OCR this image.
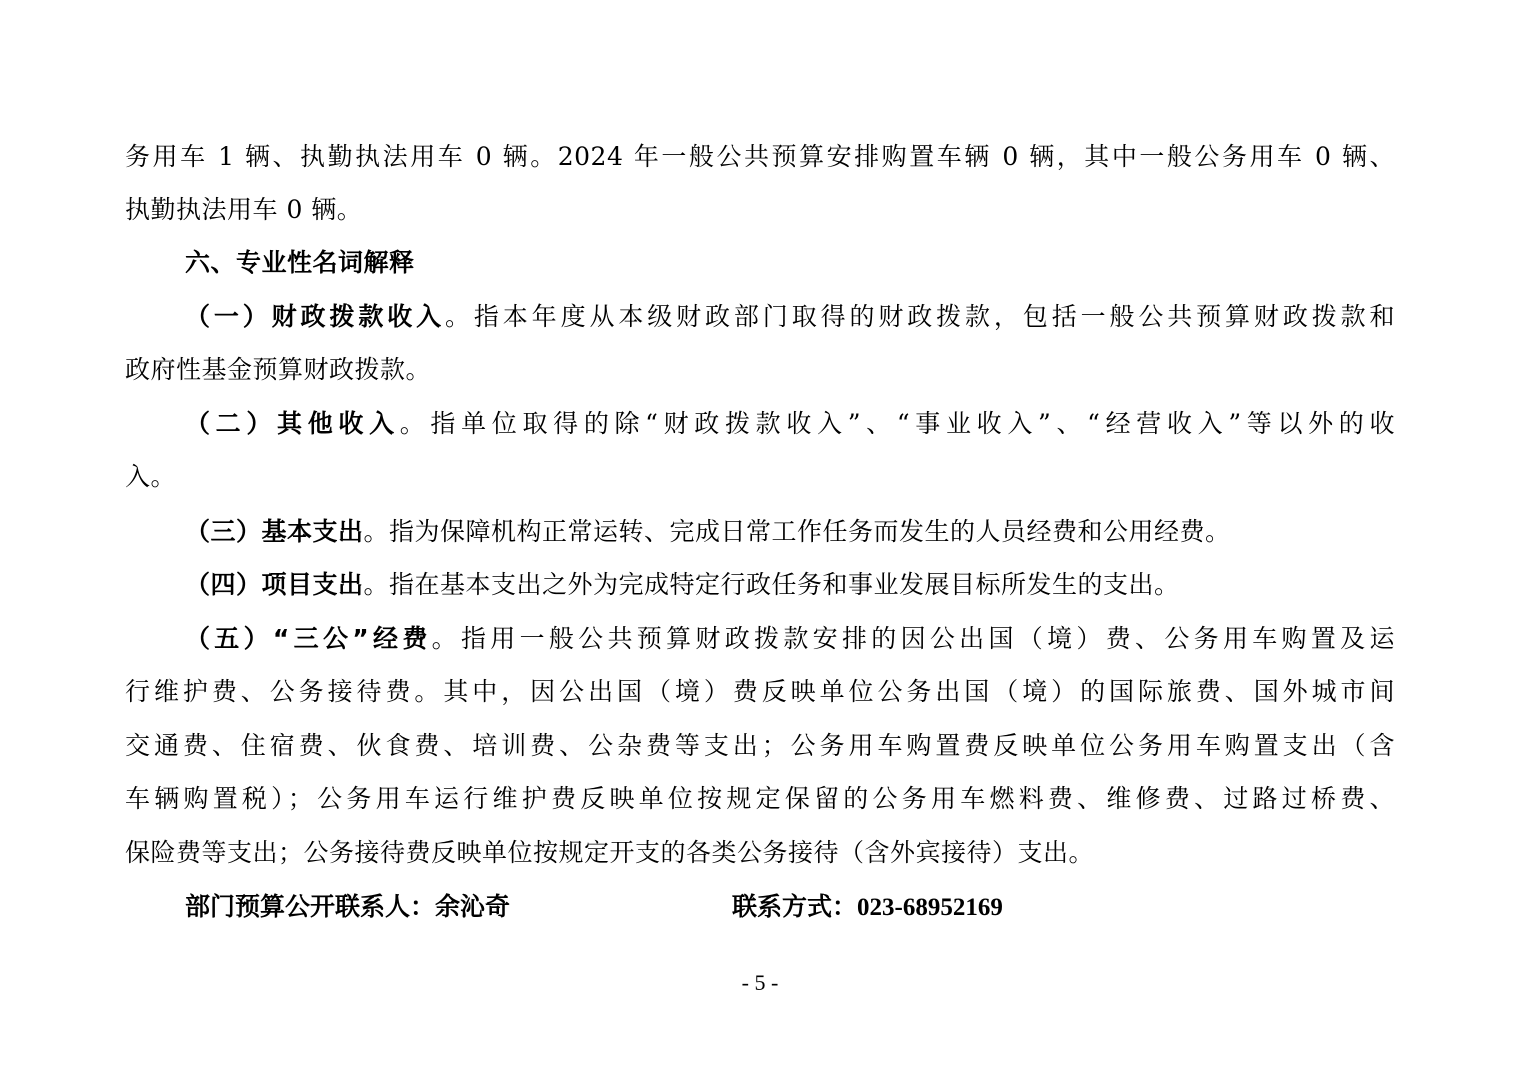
务用车 1 辆、执勤执法用车 0 辆。2024 年一般公共预算安排购置车辆 0 辆，其中一般公务用车 0 辆、
执勤执法用车 0 辆。
六、专业性名词解释
（一）财政拨款收入。指本年度从本级财政部门取得的财政拨款，包括一般公共预算财政拨款和
政府性基金预算财政拨款。
（二）其他收入。指单位取得的除“财政拨款收入”、“事业收入”、“经营收入”等以外的收
入。
（三）基本支出。指为保障机构正常运转、完成日常工作任务而发生的人员经费和公用经费。
（四）项目支出。指在基本支出之外为完成特定行政任务和事业发展目标所发生的支出。
（五）“三公”经费。指用一般公共预算财政拨款安排的因公出国（境）费、公务用车购置及运
行维护费、公务接待费。其中，因公出国（境）费反映单位公务出国（境）的国际旅费、国外城市间
交通费、住宿费、伙食费、培训费、公杂费等支出；公务用车购置费反映单位公务用车购置支出（含
车辆购置税）；公务用车运行维护费反映单位按规定保留的公务用车燃料费、维修费、过路过桥费、
保险费等支出；公务接待费反映单位按规定开支的各类公务接待（含外宾接待）支出。
部门预算公开联系人：余沁奇	联系方式：023-68952169
- 5 -
